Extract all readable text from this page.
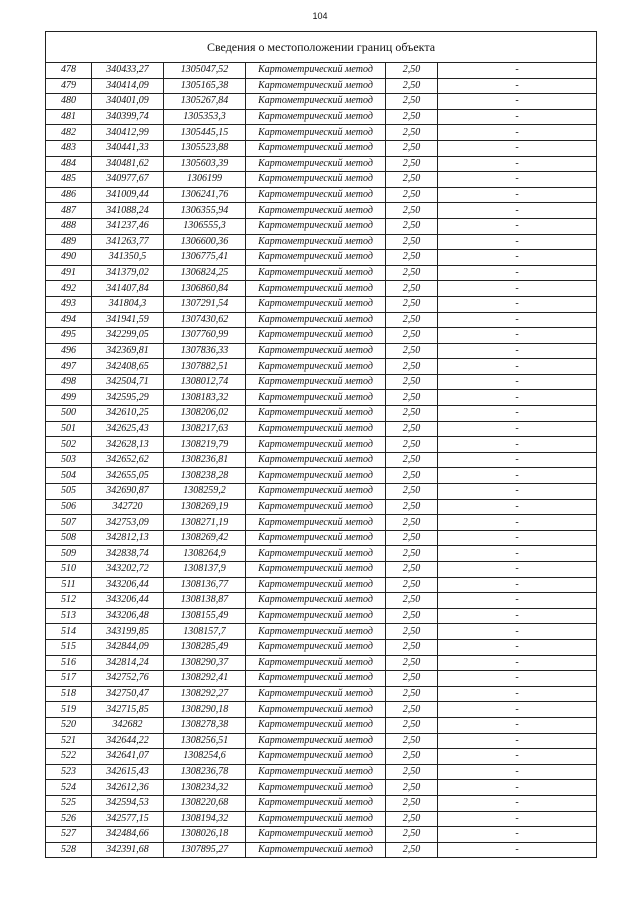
104
Сведения о местоположении границ объекта					
478	340433,27	1305047,52	Картометрический метод	2,50	-
479	340414,09	1305165,38	Картометрический метод	2,50	-
480	340401,09	1305267,84	Картометрический метод	2,50	-
481	340399,74	1305353,3	Картометрический метод	2,50	-
482	340412,99	1305445,15	Картометрический метод	2,50	-
483	340441,33	1305523,88	Картометрический метод	2,50	-
484	340481,62	1305603,39	Картометрический метод	2,50	-
485	340977,67	1306199	Картометрический метод	2,50	-
486	341009,44	1306241,76	Картометрический метод	2,50	-
487	341088,24	1306355,94	Картометрический метод	2,50	-
488	341237,46	1306555,3	Картометрический метод	2,50	-
489	341263,77	1306600,36	Картометрический метод	2,50	-
490	341350,5	1306775,41	Картометрический метод	2,50	-
491	341379,02	1306824,25	Картометрический метод	2,50	-
492	341407,84	1306860,84	Картометрический метод	2,50	-
493	341804,3	1307291,54	Картометрический метод	2,50	-
494	341941,59	1307430,62	Картометрический метод	2,50	-
495	342299,05	1307760,99	Картометрический метод	2,50	-
496	342369,81	1307836,33	Картометрический метод	2,50	-
497	342408,65	1307882,51	Картометрический метод	2,50	-
498	342504,71	1308012,74	Картометрический метод	2,50	-
499	342595,29	1308183,32	Картометрический метод	2,50	-
500	342610,25	1308206,02	Картометрический метод	2,50	-
501	342625,43	1308217,63	Картометрический метод	2,50	-
502	342628,13	1308219,79	Картометрический метод	2,50	-
503	342652,62	1308236,81	Картометрический метод	2,50	-
504	342655,05	1308238,28	Картометрический метод	2,50	-
505	342690,87	1308259,2	Картометрический метод	2,50	-
506	342720	1308269,19	Картометрический метод	2,50	-
507	342753,09	1308271,19	Картометрический метод	2,50	-
508	342812,13	1308269,42	Картометрический метод	2,50	-
509	342838,74	1308264,9	Картометрический метод	2,50	-
510	343202,72	1308137,9	Картометрический метод	2,50	-
511	343206,44	1308136,77	Картометрический метод	2,50	-
512	343206,44	1308138,87	Картометрический метод	2,50	-
513	343206,48	1308155,49	Картометрический метод	2,50	-
514	343199,85	1308157,7	Картометрический метод	2,50	-
515	342844,09	1308285,49	Картометрический метод	2,50	-
516	342814,24	1308290,37	Картометрический метод	2,50	-
517	342752,76	1308292,41	Картометрический метод	2,50	-
518	342750,47	1308292,27	Картометрический метод	2,50	-
519	342715,85	1308290,18	Картометрический метод	2,50	-
520	342682	1308278,38	Картометрический метод	2,50	-
521	342644,22	1308256,51	Картометрический метод	2,50	-
522	342641,07	1308254,6	Картометрический метод	2,50	-
523	342615,43	1308236,78	Картометрический метод	2,50	-
524	342612,36	1308234,32	Картометрический метод	2,50	-
525	342594,53	1308220,68	Картометрический метод	2,50	-
526	342577,15	1308194,32	Картометрический метод	2,50	-
527	342484,66	1308026,18	Картометрический метод	2,50	-
528	342391,68	1307895,27	Картометрический метод	2,50	-
